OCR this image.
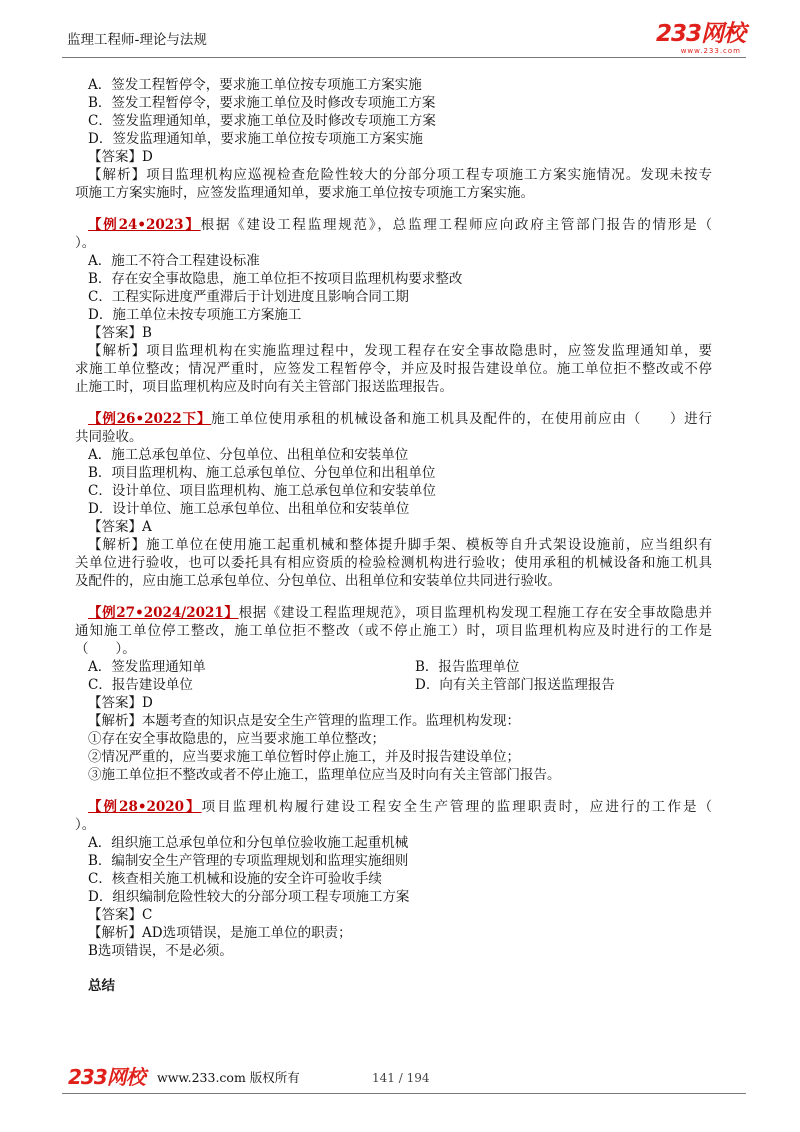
监理工程师-理论与法规	233网校
www.233.com
A．签发工程暂停令，要求施工单位按专项施工方案实施
B．签发工程暂停令，要求施工单位及时修改专项施工方案
C．签发监理通知单，要求施工单位及时修改专项施工方案
D．签发监理通知单，要求施工单位按专项施工方案实施
【答案】D
【解析】项目监理机构应巡视检查危险性较大的分部分项工程专项施工方案实施情况。发现未按专
项施工方案实施时，应签发监理通知单，要求施工单位按专项施工方案实施。
【例24•2023】根据《建设工程监理规范》，总监理工程师应向政府主管部门报告的情形是（
）。
A．施工不符合工程建设标准
B．存在安全事故隐患，施工单位拒不按项目监理机构要求整改
C．工程实际进度严重滞后于计划进度且影响合同工期
D．施工单位未按专项施工方案施工
【答案】B
【解析】项目监理机构在实施监理过程中，发现工程存在安全事故隐患时，应签发监理通知单，要
求施工单位整改；情况严重时，应签发工程暂停令，并应及时报告建设单位。施工单位拒不整改或不停
止施工时，项目监理机构应及时向有关主管部门报送监理报告。
【例26•2022下】施工单位使用承租的机械设备和施工机具及配件的，在使用前应由（　　）进行
共同验收。
A．施工总承包单位、分包单位、出租单位和安装单位
B．项目监理机构、施工总承包单位、分包单位和出租单位
C．设计单位、项目监理机构、施工总承包单位和安装单位
D．设计单位、施工总承包单位、出租单位和安装单位
【答案】A
【解析】施工单位在使用施工起重机械和整体提升脚手架、模板等自升式架设设施前，应当组织有
关单位进行验收，也可以委托具有相应资质的检验检测机构进行验收；使用承租的机械设备和施工机具
及配件的，应由施工总承包单位、分包单位、出租单位和安装单位共同进行验收。
【例27•2024/2021】根据《建设工程监理规范》，项目监理机构发现工程施工存在安全事故隐患并
通知施工单位停工整改，施工单位拒不整改（或不停止施工）时，项目监理机构应及时进行的工作是
（　　）。
A．签发监理通知单	B．报告监理单位
C．报告建设单位	D．向有关主管部门报送监理报告
【答案】D
【解析】本题考查的知识点是安全生产管理的监理工作。监理机构发现：
①存在安全事故隐患的，应当要求施工单位整改；
②情况严重的，应当要求施工单位暂时停止施工，并及时报告建设单位；
③施工单位拒不整改或者不停止施工，监理单位应当及时向有关主管部门报告。
【例28•2020】项目监理机构履行建设工程安全生产管理的监理职责时，应进行的工作是（
）。
A．组织施工总承包单位和分包单位验收施工起重机械
B．编制安全生产管理的专项监理规划和监理实施细则
C．核查相关施工机械和设施的安全许可验收手续
D．组织编制危险性较大的分部分项工程专项施工方案
【答案】C
【解析】AD选项错误，是施工单位的职责；
B选项错误，不是必须。
总结
233网校 www.233.com 版权所有	141 / 194
